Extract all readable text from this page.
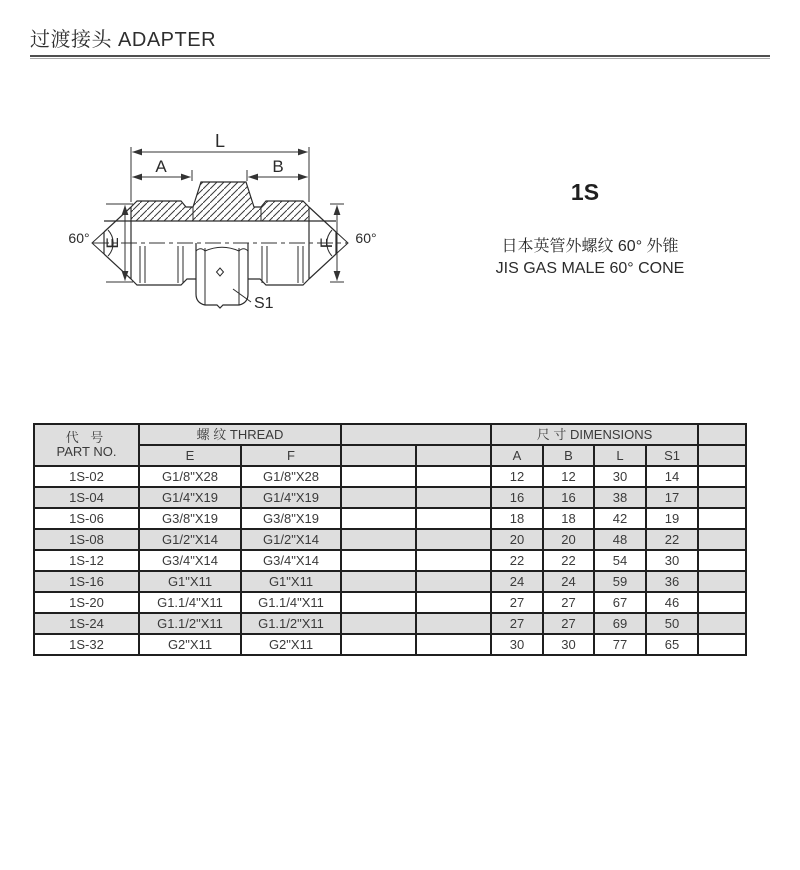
过渡接头 ADAPTER
L
A	B
E	F
60°	60°
S1
1S
日本英管外螺纹 60° 外锥
JIS GAS MALE 60° CONE
代 号
PART NO.	螺 纹 THREAD				尺 寸 DIMENSIONS				
	E	F			A	B	L	S1	
1S-02	G1/8"X28	G1/8"X28			12	12	30	14	
1S-04	G1/4"X19	G1/4"X19			16	16	38	17	
1S-06	G3/8"X19	G3/8"X19			18	18	42	19	
1S-08	G1/2"X14	G1/2"X14			20	20	48	22	
1S-12	G3/4"X14	G3/4"X14			22	22	54	30	
1S-16	G1"X11	G1"X11			24	24	59	36	
1S-20	G1.1/4"X11	G1.1/4"X11			27	27	67	46	
1S-24	G1.1/2"X11	G1.1/2"X11			27	27	69	50	
1S-32	G2"X11	G2"X11			30	30	77	65	
